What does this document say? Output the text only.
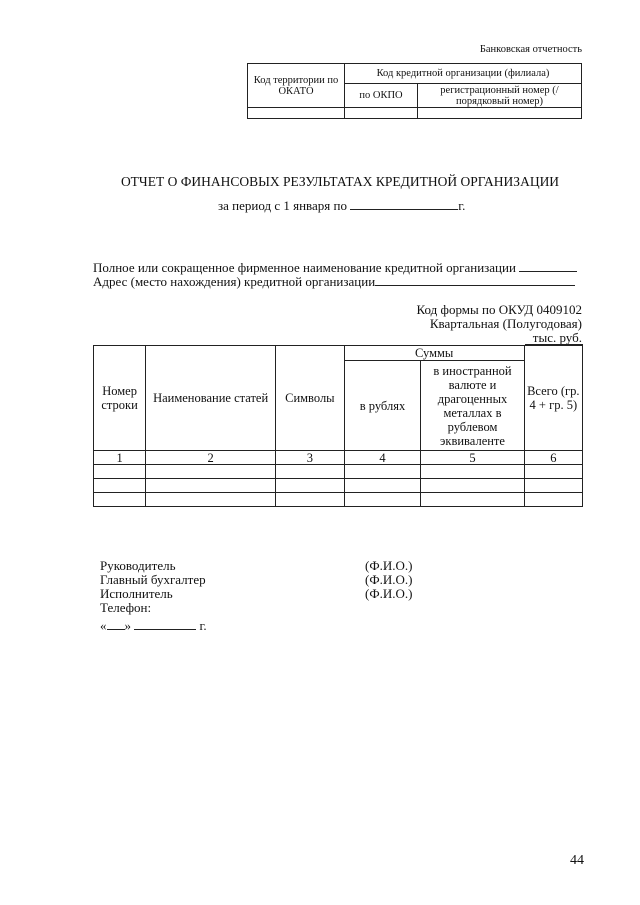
Банковская отчетность
Код территории по ОКАТО	Код кредитной организации (филиала)	
	по ОКПО	регистрационный номер (/порядковый номер)

ОТЧЕТ О ФИНАНСОВЫХ РЕЗУЛЬТАТАХ КРЕДИТНОЙ ОРГАНИЗАЦИИ
за период с 1 января по	г.
Полное или сокращенное фирменное наименование кредитной организации
Адрес (место нахождения) кредитной организации
Код формы по ОКУД 0409102
Квартальная (Полугодовая)
тыс. руб.
Номер строки	Наименование статей	Символы	Суммы		Всего (гр. 4 + гр. 5)
			в рублях	в иностранной валюте и драгоценных металлах в рублевом эквиваленте	
1	2	3	4	5	6

Руководитель
Главный бухгалтер
Исполнитель
Телефон:
« »	г.
(Ф.И.О.)
(Ф.И.О.)
(Ф.И.О.)
44
